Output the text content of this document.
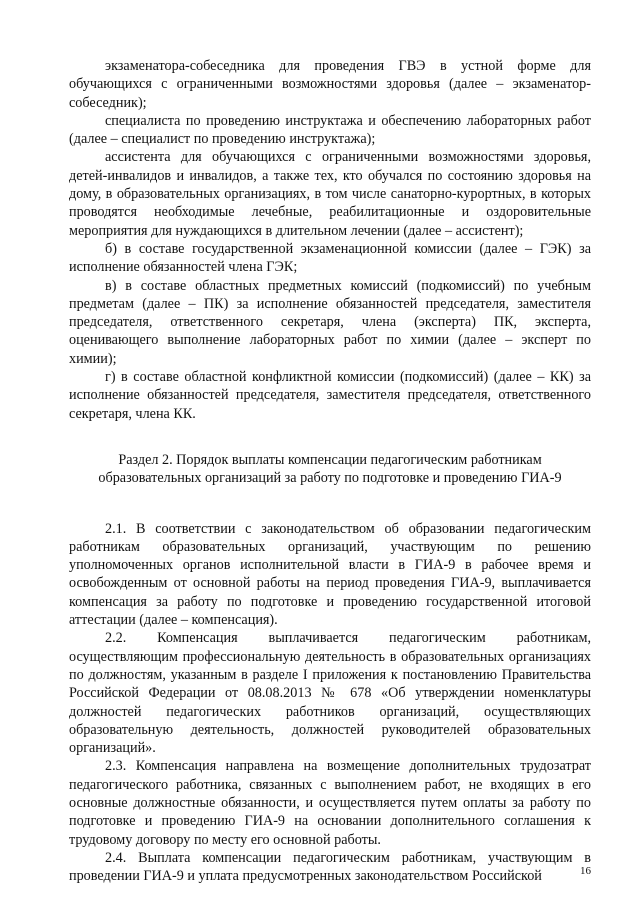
экзаменатора-собеседника для проведения ГВЭ в устной форме для обучающихся с ограниченными возможностями здоровья (далее – экзаменатор-собеседник);

специалиста по проведению инструктажа и обеспечению лабораторных работ (далее – специалист по проведению инструктажа);

ассистента для обучающихся с ограниченными возможностями здоровья, детей-инвалидов и инвалидов, а также тех, кто обучался по состоянию здоровья на дому, в образовательных организациях, в том числе санаторно-курортных, в которых проводятся необходимые лечебные, реабилитационные и оздоровительные мероприятия для нуждающихся в длительном лечении (далее – ассистент);

б) в составе государственной экзаменационной комиссии (далее – ГЭК) за исполнение обязанностей члена ГЭК;

в) в составе областных предметных комиссий (подкомиссий) по учебным предметам (далее – ПК) за исполнение обязанностей председателя, заместителя председателя, ответственного секретаря, члена (эксперта) ПК, эксперта, оценивающего выполнение лабораторных работ по химии (далее – эксперт по химии);

г) в составе областной конфликтной комиссии (подкомиссий) (далее – КК) за исполнение обязанностей председателя, заместителя председателя, ответственного секретаря, члена КК.

Раздел 2. Порядок выплаты компенсации педагогическим работникам
образовательных организаций за работу по подготовке и проведению ГИА-9

2.1. В соответствии с законодательством об образовании педагогическим работникам образовательных организаций, участвующим по решению уполномоченных органов исполнительной власти в ГИА-9 в рабочее время и освобожденным от основной работы на период проведения ГИА-9, выплачивается компенсация за работу по подготовке и проведению государственной итоговой аттестации (далее – компенсация).

2.2. Компенсация выплачивается педагогическим работникам, осуществляющим профессиональную деятельность в образовательных организациях по должностям, указанным в разделе I приложения к постановлению Правительства Российской Федерации от 08.08.2013 № 678 «Об утверждении номенклатуры должностей педагогических работников организаций, осуществляющих образовательную деятельность, должностей руководителей образовательных организаций».

2.3. Компенсация направлена на возмещение дополнительных трудозатрат педагогического работника, связанных с выполнением работ, не входящих в его основные должностные обязанности, и осуществляется путем оплаты за работу по подготовке и проведению ГИА-9 на основании дополнительного соглашения к трудовому договору по месту его основной работы.

2.4. Выплата компенсации педагогическим работникам, участвующим в проведении ГИА-9 и уплата предусмотренных законодательством Российской	16
